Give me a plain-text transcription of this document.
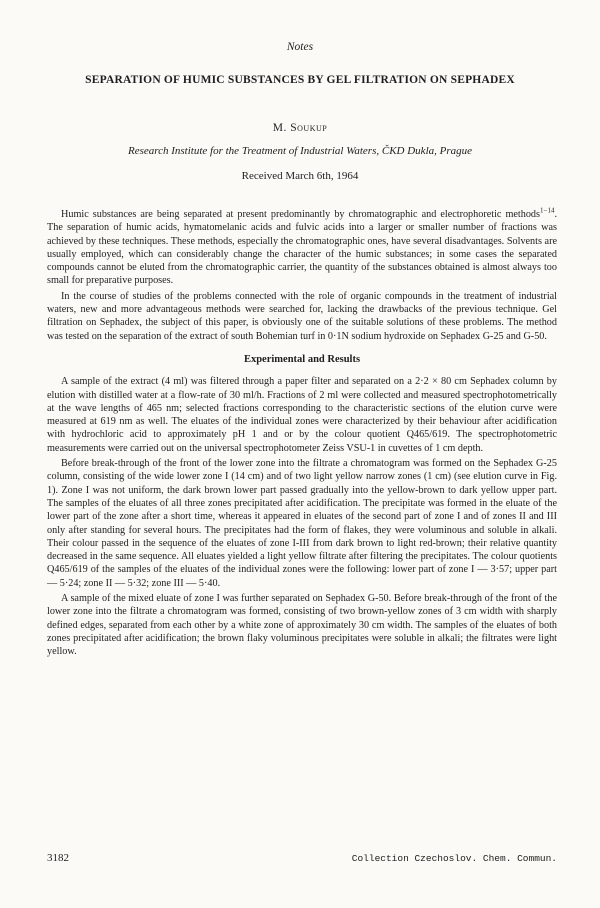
Notes
SEPARATION OF HUMIC SUBSTANCES BY GEL FILTRATION ON SEPHADEX
M. Soukup
Research Institute for the Treatment of Industrial Waters, ČKD Dukla, Prague
Received March 6th, 1964

Humic substances are being separated at present predominantly by chromatographic and electrophoretic methods$^{1-14}$. The separation of humic acids, hymatomelanic acids and fulvic acids into a larger or smaller number of fractions was achieved by these techniques. These methods, especially the chromatographic ones, have several disadvantages. Solvents are usually employed, which can considerably change the character of the humic substances; in some cases the separated compounds cannot be eluted from the chromatographic carrier, the quantity of the substances obtained is almost always too small for preparative purposes.

In the course of studies of the problems connected with the role of organic compounds in the treatment of industrial waters, new and more advantageous methods were searched for, lacking the drawbacks of the previous technique. Gel filtration on Sephadex, the subject of this paper, is obviously one of the suitable solutions of these problems. The method was tested on the separation of the extract of south Bohemian turf in 0·1N sodium hydroxide on Sephadex G-25 and G-50.

Experimental and Results

A sample of the extract (4 ml) was filtered through a paper filter and separated on a 2·2 × 80 cm Sephadex column by elution with distilled water at a flow-rate of 30 ml/h. Fractions of 2 ml were collected and measured spectrophotometrically at the wave lengths of 465 nm; selected fractions corresponding to the characteristic sections of the elution curve were measured at 619 nm as well. The eluates of the individual zones were characterized by their behaviour after acidification with hydrochloric acid to approximately pH 1 and or by the colour quotient Q465/619. The spectrophotometric measurements were carried out on the universal spectrophotometer Zeiss VSU-1 in cuvettes of 1 cm depth.

Before break-through of the front of the lower zone into the filtrate a chromatogram was formed on the Sephadex G-25 column, consisting of the wide lower zone I (14 cm) and of two light yellow narrow zones (1 cm) (see elution curve in Fig. 1). Zone I was not uniform, the dark brown lower part passed gradually into the yellow-brown to dark yellow upper part. The samples of the eluates of all three zones precipitated after acidification. The precipitate was formed in the eluate of the lower part of the zone after a short time, whereas it appeared in eluates of the second part of zone I and of zones II and III only after standing for several hours. The precipitates had the form of flakes, they were voluminous and soluble in alkali. Their colour passed in the sequence of the eluates of zone I-III from dark brown to light red-brown; their relative quantity decreased in the same sequence. All eluates yielded a light yellow filtrate after filtering the precipitates. The colour quotients Q465/619 of the samples of the eluates of the individual zones were the following: lower part of zone I — 3·57; upper part — 5·24; zone II — 5·32; zone III — 5·40.

A sample of the mixed eluate of zone I was further separated on Sephadex G-50. Before break-through of the front of the lower zone into the filtrate a chromatogram was formed, consisting of two brown-yellow zones of 3 cm width with sharply defined edges, separated from each other by a white zone of approximately 30 cm width. The samples of the eluates of both zones precipitated after acidification; the brown flaky voluminous precipitates were soluble in alkali; the filtrates were light yellow.

3182	Collection Czechoslov. Chem. Commun.
